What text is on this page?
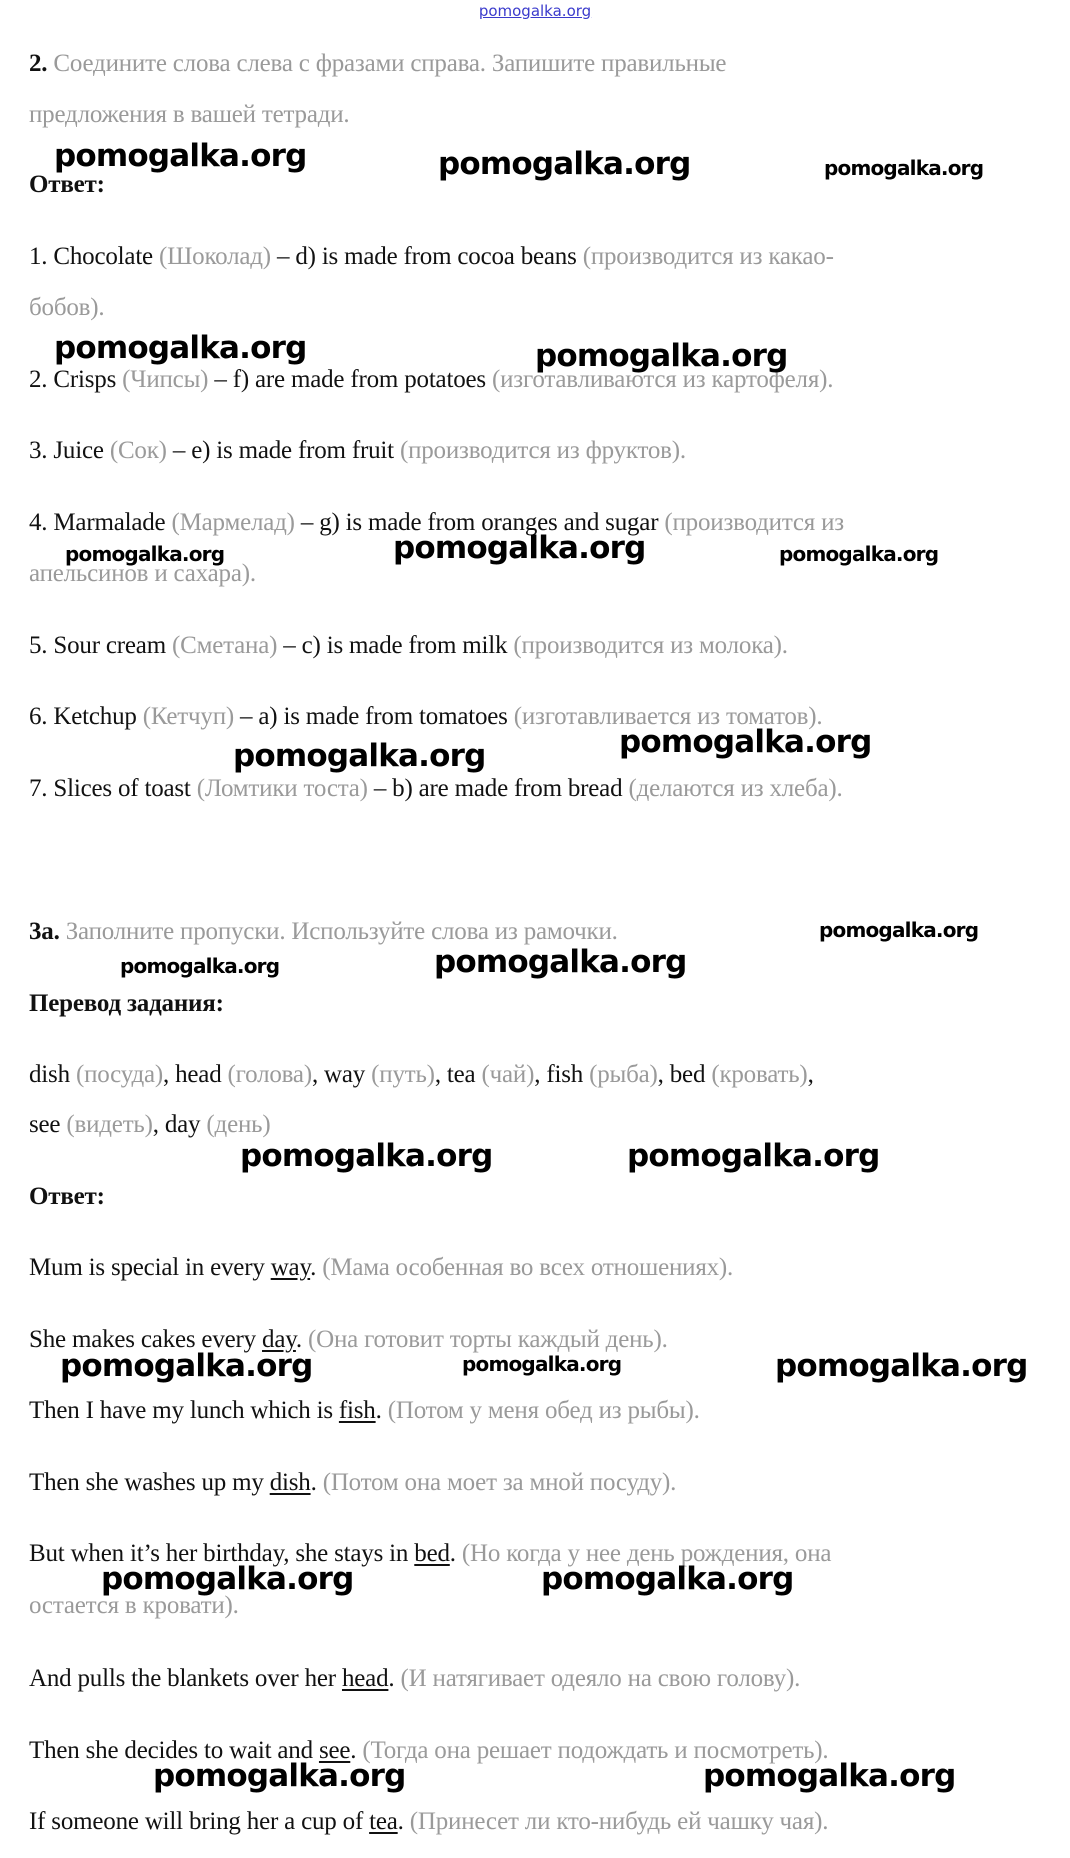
pomogalka.org
2. Соедините слова слева с фразами справа. Запишите правильные
предложения в вашей тетради.
Ответ:
1. Chocolate (Шоколад) – d) is made from cocoa beans (производится из какао-
бобов).
2. Crisps (Чипсы) – f) are made from potatoes (изготавливаются из картофеля).
3. Juice (Сок) – e) is made from fruit (производится из фруктов).
4. Marmalade (Мармелад) – g) is made from oranges and sugar (производится из
апельсинов и сахара).
5. Sour cream (Сметана) – c) is made from milk (производится из молока).
6. Ketchup (Кетчуп) – a) is made from tomatoes (изготавливается из томатов).
7. Slices of toast (Ломтики тоста) – b) are made from bread (делаются из хлеба).
3a. Заполните пропуски. Используйте слова из рамочки.
Перевод задания:
dish (посуда), head (голова), way (путь), tea (чай), fish (рыба), bed (кровать),
see (видеть), day (день)
Ответ:
Mum is special in every way. (Мама особенная во всех отношениях).
She makes cakes every day. (Она готовит торты каждый день).
Then I have my lunch which is fish. (Потом у меня обед из рыбы).
Then she washes up my dish. (Потом она моет за мной посуду).
But when it’s her birthday, she stays in bed. (Но когда у нее день рождения, она
остается в кровати).
And pulls the blankets over her head. (И натягивает одеяло на свою голову).
Then she decides to wait and see. (Тогда она решает подождать и посмотреть).
If someone will bring her a cup of tea. (Принесет ли кто-нибудь ей чашку чая).
pomogalka.org	pomogalka.org	pomogalka.org
pomogalka.org	pomogalka.org
pomogalka.org	pomogalka.org	pomogalka.org
pomogalka.org	pomogalka.org
pomogalka.org
pomogalka.org	pomogalka.org
pomogalka.org	pomogalka.org
pomogalka.org	pomogalka.org	pomogalka.org
pomogalka.org	pomogalka.org
pomogalka.org	pomogalka.org
